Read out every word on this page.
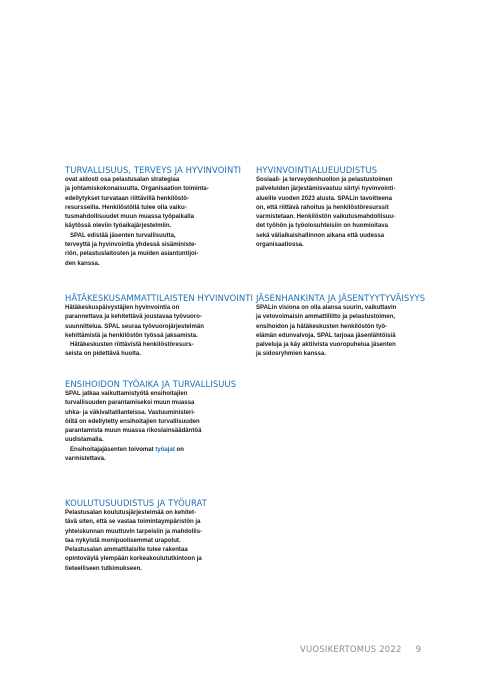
TURVALLISUUS, TERVEYS JA HYVINVOINTI

ovat aidosti osa pelastusalan strategiaa
ja johtamiskokonaisuutta. Organisaation toiminta-
edellytykset turvataan riittävillä henkilöstö-
resursseilla. Henkilöstöllä tulee olla vaiku-
tusmahdollisuudet muun muassa työpaikalla
käytössä oleviin työaikajärjestelmiin.
SPAL edistää jäsenten turvallisuutta,
terveyttä ja hyvinvointia yhdessä sisäministe-
riön, pelastuslaitosten ja muiden asiantuntijoi-
den kanssa.

HYVINVOINTIALUEUUDISTUS

Sosiaali- ja terveydenhuollon ja pelastustoimen
palveluiden järjestämisvastuu siirtyi hyvinvointi-
alueille vuoden 2023 alusta. SPALin tavoitteena
on, että riittävä rahoitus ja henkilöstöresurssit
varmistetaan. Henkilöstön vaikutusmahdollisuu-
det työhön ja työolosuhteisiin on huomioitava
sekä välialkaishallinnon aikana että uudessa
organisaatiossa.

HÄTÄKESKUSAMMATTILAISTEN HYVINVOINTI

Hätäkeskuspäivystäjien hyvinvointia on
parannettava ja kehitettävä joustavaa työvuoro-
suunnittelua. SPAL seuraa työvuorojärjestelmän
kehittämistä ja henkilöstön työssä jaksamista.
Hätäkeskusten riittävistä henkilöstöresurs-
seista on pidettävä huolta.

JÄSENHANKINTA JA JÄSENTYYTYVÄISYYS

SPALin visiona on olla alansa suurin, vaikuttavin
ja vetovoimaisin ammattiliitto ja pelastustoimen,
ensihoidon ja hätäkeskusten henkilöstön työ-
elämän edunvalvoja. SPAL tarjoaa jäsenlähtöisiä
palveluja ja käy aktiivista vuoropuhelua jäsenten
ja sidosryhmien kanssa.

ENSIHOIDON TYÖAIKA JA TURVALLISUUS

SPAL jatkaa vaikuttamistyötä ensihoitajien
turvallisuuden parantamiseksi muun muassa
uhka- ja väkivaltatilanteissa. Vastuuministeri-
öiltä on edellytetty ensihoitajien turvallisuuden
parantamista muun muassa rikoslainsäädäntöä
uudistamalla.
Ensihoitajajäsenten toivomat työajat on
varmistettava.

KOULUTUSUUDISTUS JA TYÖURAT

Pelastusalan koulutusjärjestelmää on kehitet-
tävä siten, että se vastaa toimintaympäristön ja
yhteiskunnan muuttuvin tarpeisiin ja mahdollis-
taa nykyistä monipuolisemmat urapolut.
Pelastusalan ammattilaisille tulee rakentaa
opintoväylä ylempään korkeakoulututkintoon ja
tieteelliseen tutkimukseen.

VUOSIKERTOMUS 2022 9
